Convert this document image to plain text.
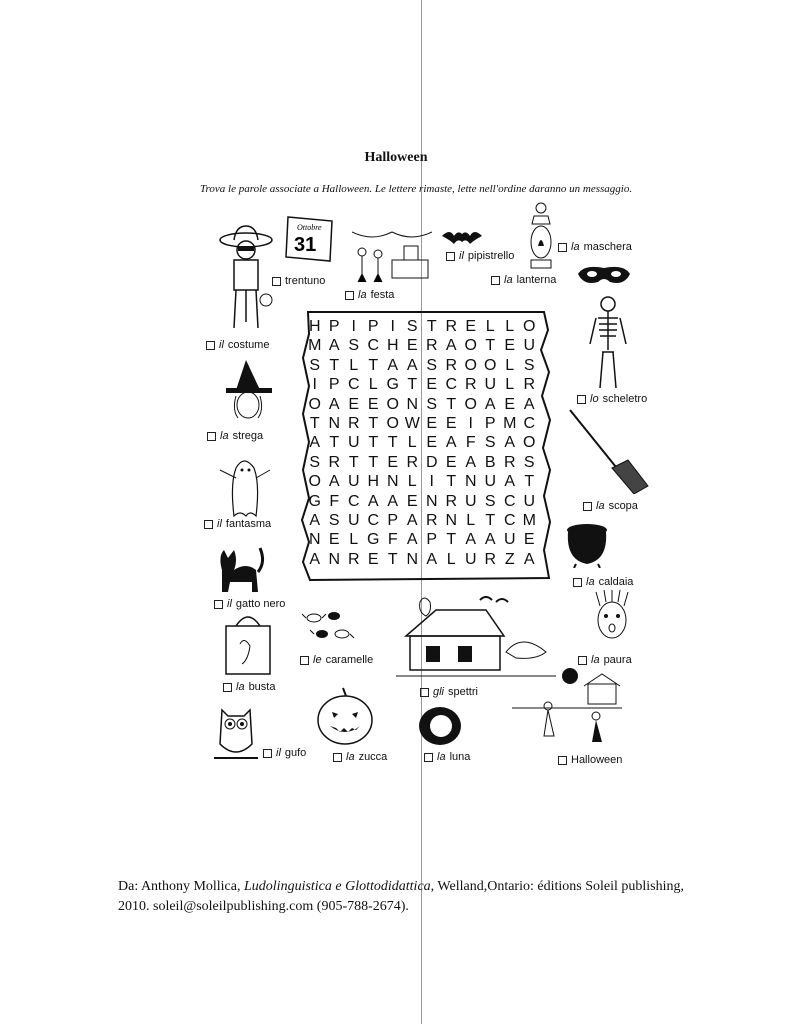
Halloween
Trova le parole associate a Halloween. Le lettere rimaste, lette nell'ordine daranno un messaggio.
H P I P I S T R E L L O
M A S C H E R A O T E U
S T L T A A S R O O L S
I P C L G T E C R U L R
O A E E O N S T O A E A
T N R T O W E E I P M C
A T U T T L E A F S A O
S R T T E R D E A B R S
O A U H N L I T N U A T
G F C A A E N R U S C U
A S U C P A R N L T C M
N E L G F A P T A A U E
A N R E T N A L U R Z A
Ottobre
31
trentuno
la festa
il pipistrello
la lanterna
la maschera
il costume
lo scheletro
la strega
la scopa
il fantasma
la caldaia
il gatto nero
le caramelle	la paura
la busta	gli spettri
il gufo	la zucca	la luna	Halloween
Da: Anthony Mollica, Ludolinguistica e Glottodidattica, Welland,Ontario: éditions Soleil publishing, 2010. soleil@soleilpublishing.com (905-788-2674).
